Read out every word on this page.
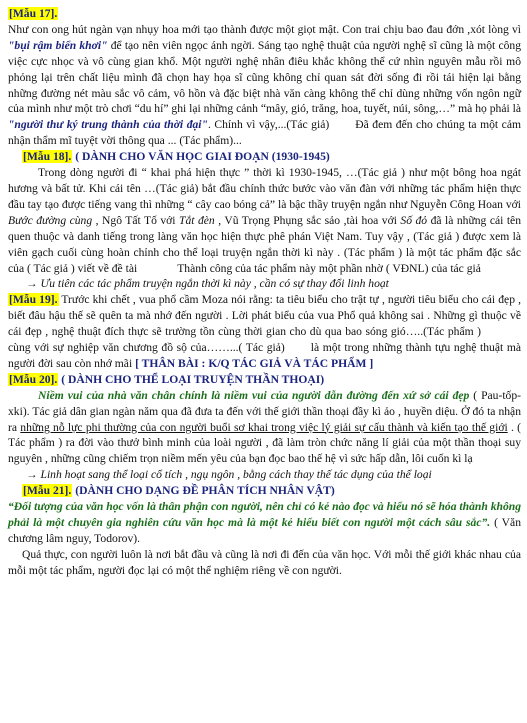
[Mẫu 17].
Như con ong hút ngàn vạn nhụy hoa mới tạo thành được một giọt mật. Con trai chịu bao đau đớn ,xót lòng vì "bụi rậm biển khơi" để tạo nên viên ngọc ánh ngời. Sáng tạo nghệ thuật của người nghệ sĩ cũng là một công việc cực nhọc và vô cùng gian khổ. Một người nghệ nhân điêu khắc không thể cứ nhìn nguyên mẫu rồi mô phỏng lại trên chất liệu mình đã chọn hay họa sĩ cũng không chỉ quan sát đời sống đi rồi tái hiện lại bằng những đường nét màu sắc vô cảm, vô hồn và đặc biệt nhà văn càng không thể chỉ dùng những vốn ngôn ngữ của mình như một trò chơi “du hí” ghi lại những cảnh “mây, gió, trăng, hoa, tuyết, núi, sông,…” mà họ phải là "người thư ký trung thành của thời đại". Chính vì vậy,...(Tác giả) Đã đem đến cho chúng ta một cảm nhận thẩm mĩ tuyệt vời thông qua ... (Tác phẩm)...

[Mẫu 18]. ( DÀNH CHO VĂN HỌC GIAI ĐOẠN (1930-1945)
Trong dòng người đi “ khai phá hiện thực ” thời kì 1930-1945, …(Tác giả ) như một bông hoa ngát hương và bất tử. Khi cái tên …(Tác giả) bắt đầu chính thức bước vào văn đàn với những tác phẩm hiện thực đầu tay tạo được tiếng vang thì những “ cây cao bóng cả” là bậc thầy truyện ngắn như Nguyễn Công Hoan với Bước đường cùng , Ngô Tất Tố với Tắt đèn , Vũ Trọng Phụng sắc sảo ,tài hoa với Số đỏ đã là những cái tên quen thuộc và danh tiếng trong làng văn học hiện thực phê phán Việt Nam. Tuy vậy , (Tác giả ) được xem là viên gạch cuối cùng hoàn chỉnh cho thể loại truyện ngắn thời kì này . (Tác phẩm ) là một tác phẩm đặc sắc của ( Tác giả ) viết về đề tài	Thành công của tác phẩm này một phần nhờ ( VĐNL) của tác giả

→ Ưu tiên các tác phẩm truyện ngắn thời kì này , cần có sự thay đổi linh hoạt

[Mẫu 19]. Trước khi chết , vua phổ cầm Moza nói rằng: ta tiêu biểu cho trật tự , người tiêu biểu cho cái đẹp , biết đâu hậu thế sẽ quên ta mà nhớ đến người . Lời phát biểu của vua Phổ quả không sai . Những gì thuộc về cái đẹp , nghệ thuật đích thực sẽ trường tồn cùng thời gian cho dù qua bao sóng gió…..(Tác phẩm )cùng với sự nghiệp văn chương đồ sộ của……...( Tác giả) là một trong những thành tựu nghệ thuật mà người đời sau còn nhớ mãi [ THÂN BÀI : K/Q TÁC GIẢ VÀ TÁC PHẨM ]

[Mẫu 20]. ( DÀNH CHO THỂ LOẠI TRUYỆN THẦN THOẠI)
Niềm vui của nhà văn chân chính là niềm vui của người dẫn đường đến xứ sở cái đẹp ( Pau-tốp-xki). Tác giả dân gian ngàn năm qua đã đưa ta đến với thế giới thần thoại đầy kì ảo , huyền diệu. Ở đó ta nhận ra những nỗ lực phi thường của con người buổi sơ khai trong việc lý giải sự cấu thành và kiến tạo thế giới . ( Tác phẩm ) ra đời vào thưở bình minh của loài người , đã làm tròn chức năng lí giải của một thần thoại suy nguyên , những cũng chiếm trọn niềm mến yêu của bạn đọc bao thế hệ vì sức hấp dẫn, lôi cuốn kì lạ

→ Linh hoạt sang thể loại cổ tích , ngụ ngôn , bằng cách thay thế tác dụng của thể loại

[Mẫu 21]. (DÀNH CHO DẠNG ĐỀ PHÂN TÍCH NHÂN VẬT)
“Đối tượng của văn học vốn là thân phận con người, nên chỉ có kẻ nào đọc và hiểu nó sẽ hóa thành không phải là một chuyên gia nghiên cứu văn học mà là một kẻ hiểu biết con người một cách sâu sắc”. ( Văn chương lâm nguy, Todorov).
Quả thực, con người luôn là nơi bắt đầu và cũng là nơi đi đến của văn học. Với mỗi thế giới khác nhau của mỗi một tác phẩm, người đọc lại có một thể nghiệm riêng về con người.
